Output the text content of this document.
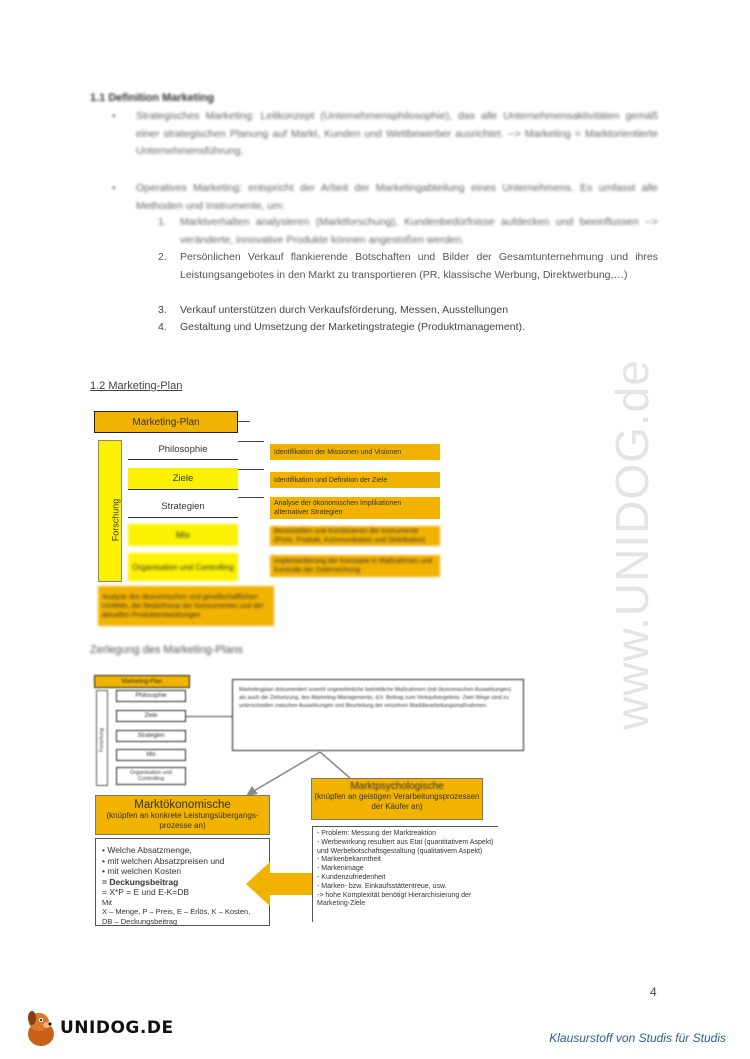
1.1 Definition Marketing
• Strategisches Marketing: Leitkonzept (Unternehmensphilosophie), das alle Unternehmensaktivitäten gemäß einer strategischen Planung auf Markt, Kunden und Wettbewerber ausrichtet. --> Marketing = Marktorientierte Unternehmensführung.
• Operatives Marketing: entspricht der Arbeit der Marketingabteilung eines Unternehmens. Es umfasst alle Methoden und Instrumente, um:
1. Marktverhalten analysieren (Marktforschung), Kundenbedürfnisse aufdecken und beeinflussen --> veränderte, innovative Produkte können angestoßen werden.
2. Persönlichen Verkauf flankierende Botschaften und Bilder der Gesamtunternehmung und ihres Leistungsangebotes in den Markt zu transportieren (PR, klassische Werbung, Direktwerbung,…)
3. Verkauf unterstützen durch Verkaufsförderung, Messen, Ausstellungen
4. Gestaltung und Umsetzung der Marketingstrategie (Produktmanagement).
1.2 Marketing-Plan
Marketing-Plan
Forschung
Philosophie
Ziele
Strategien
Mix
Organisation und Controlling
Identifikation der Missionen und Visionen
Identifikation und Definition der Ziele
Analyse der ökonomischen Implikationen alternativer Strategien
Bereitstellen und Kombinieren der Instrumente (Preis, Produkt, Kommunikation und Distribution)
Implementierung der Konzepte in Maßnahmen und Kontrolle der Zielerreichung
Analyse des ökonomischen und gesellschaftlichen Umfelds, der Bedürfnisse der Konsumenten und der aktuellen Produktentwicklungen
Zerlegung des Marketing-Plans
Marketing-Plan
Forschung
Philosophie
Ziele
Strategien
Mix
Organisation und Controlling
Marketingplan dokumentiert sowohl ungewöhnliche betriebliche Maßnahmen (mit ökonomischen Auswirkungen) als auch die Zielsetzung, des Marketing-Managements, d.h. Beitrag zum Verkaufsergebnis. Zwei Wege sind zu unterscheiden zwischen Auswirkungen und Beurteilung der einzelnen Marktbearbeitungsmaßnahmen.
Marktökonomische
(knüpfen an konkrete Leistungsübergangs-prozesse an)
Marktpsychologische
(knüpfen an geistigen Verarbeitungsprozessen der Käufer an)
• Welche Absatzmenge,
• mit welchen Absatzpreisen und
• mit welchen Kosten
= Deckungsbeitrag
= X*P = E und E-K=DB
Mit
X – Menge, P – Preis, E – Erlös, K – Kosten,
DB – Deckungsbeitrag
- Problem: Messung der Marktreaktion
- Werbewirkung resultiert aus Etat (quantitativem Aspekt) und Werbebotschaftsgestaltung (qualitativem Aspekt)
- Markenbekanntheit
- Markenimage
- Kundenzufriedenheit
- Marken- bzw. Einkaufsstättentreue, usw.
-> hohe Komplexität benötigt Hierarchisierung der Marketing-Ziele
www.UNIDOG.de
4
UNIDOG.DE	Klausurstoff von Studis für Studis
